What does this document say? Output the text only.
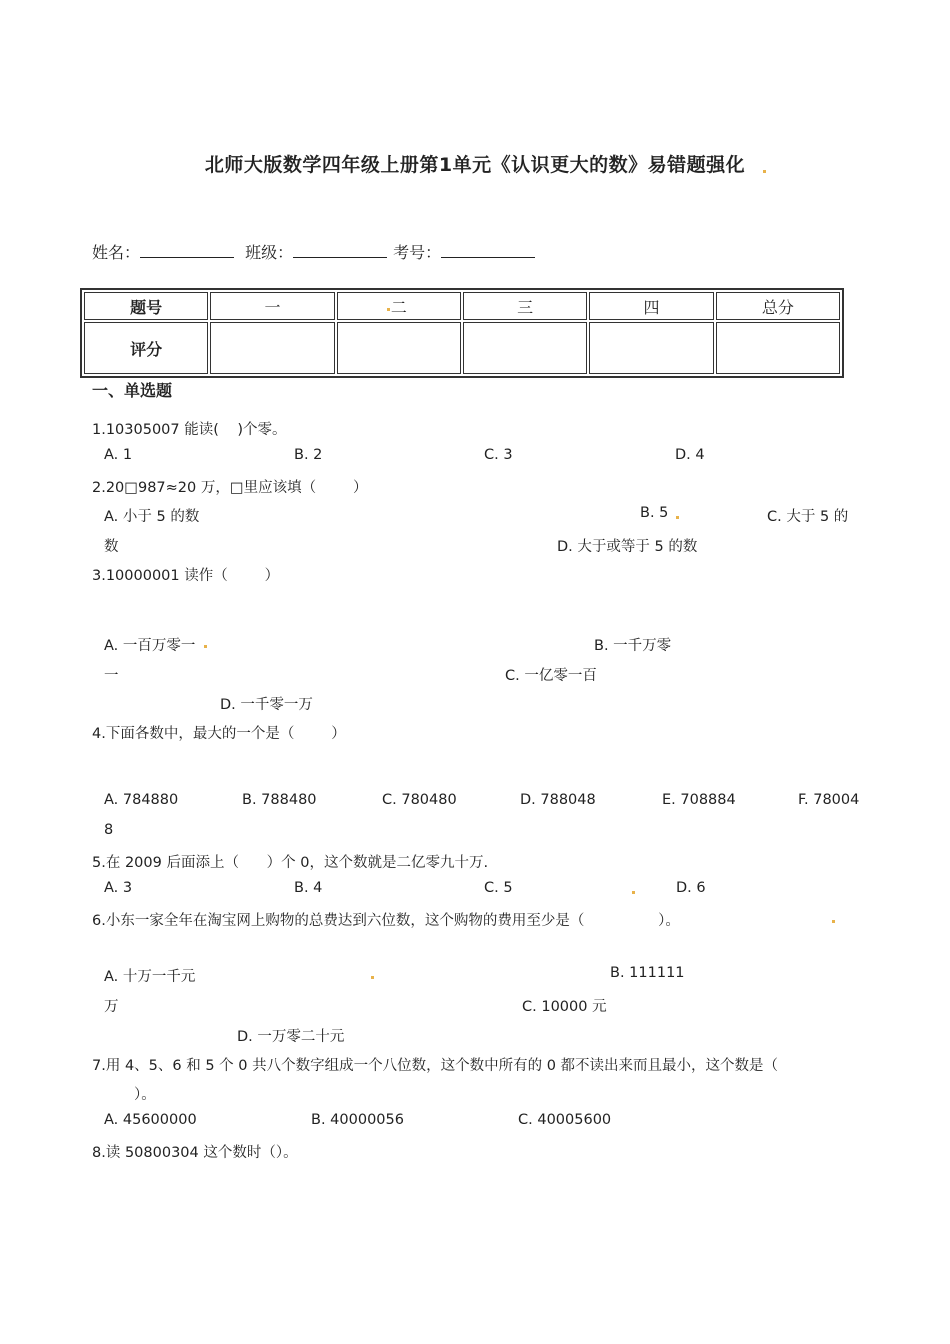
北师大版数学四年级上册第1单元《认识更大的数》易错题强化
姓名：	班级：	考号：
题号	一	二	三	四	总分
评分					
一、单选题
1.10305007 能读(    )个零。
A. 1	B. 2	C. 3	D. 4
2.20□987≈20 万，□里应该填（        ）
A. 小于 5 的数	B. 5	C. 大于 5 的
数	D. 大于或等于 5 的数
3.10000001 读作（        ）
A. 一百万零一	B. 一千万零
一	C. 一亿零一百
D. 一千零一万
4.下面各数中，最大的一个是（        ）
A. 784880	B. 788480	C. 780480	D. 788048	E. 708884	F. 78004
8
5.在 2009 后面添上（      ）个 0，这个数就是二亿零九十万.
A. 3	B. 4	C. 5	D. 6
6.小东一家全年在淘宝网上购物的总费达到六位数，这个购物的费用至少是（                ）。
A. 十万一千元	B. 111111
万	C. 10000 元
D. 一万零二十元
7.用 4、5、6 和 5 个 0 共八个数字组成一个八位数，这个数中所有的 0 都不读出来而且最小，这个数是（
）。
A. 45600000	B. 40000056	C. 40005600
8.读 50800304 这个数时（）。
